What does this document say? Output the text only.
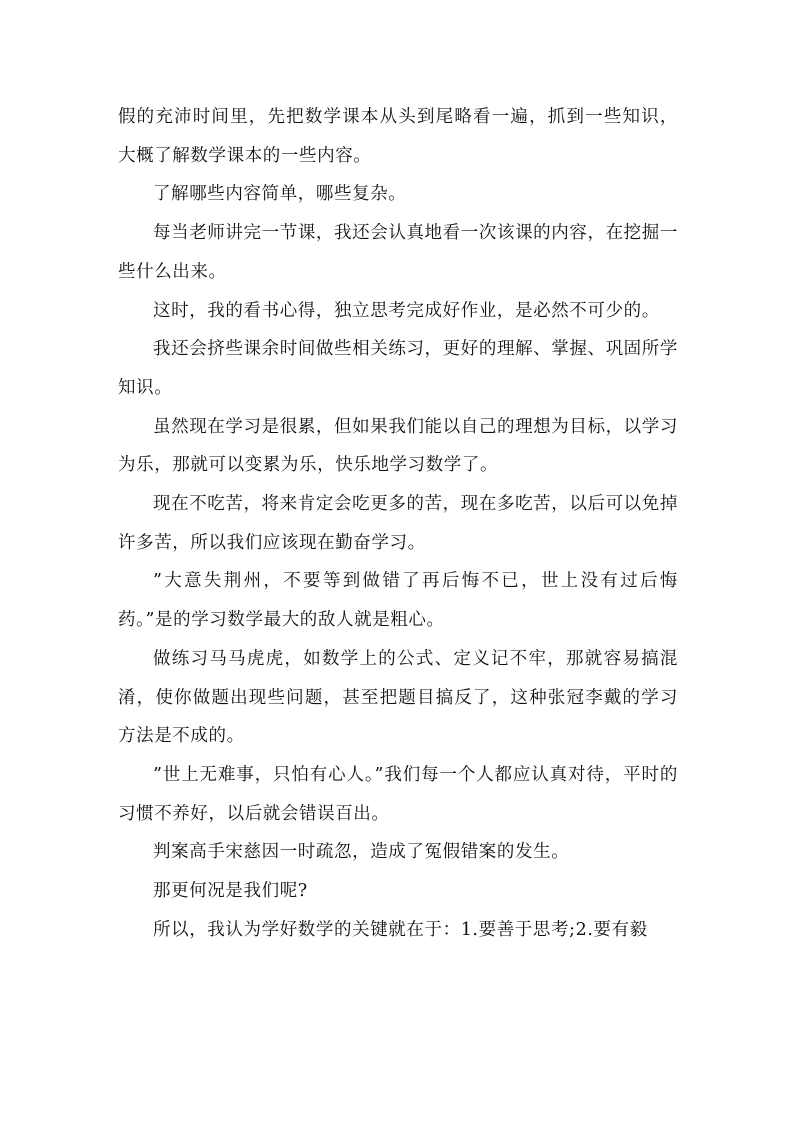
假的充沛时间里，先把数学课本从头到尾略看一遍，抓到一些知识，大概了解数学课本的一些内容。

了解哪些内容简单，哪些复杂。

每当老师讲完一节课，我还会认真地看一次该课的内容，在挖掘一些什么出来。

这时，我的看书心得，独立思考完成好作业，是必然不可少的。

我还会挤些课余时间做些相关练习，更好的理解、掌握、巩固所学知识。

虽然现在学习是很累，但如果我们能以自己的理想为目标，以学习为乐，那就可以变累为乐，快乐地学习数学了。

现在不吃苦，将来肯定会吃更多的苦，现在多吃苦，以后可以免掉许多苦，所以我们应该现在勤奋学习。

”大意失荆州，不要等到做错了再后悔不已，世上没有过后悔药。”是的学习数学最大的敌人就是粗心。

做练习马马虎虎，如数学上的公式、定义记不牢，那就容易搞混淆，使你做题出现些问题，甚至把题目搞反了，这种张冠李戴的学习方法是不成的。

”世上无难事，只怕有心人。”我们每一个人都应认真对待，平时的习惯不养好，以后就会错误百出。

判案高手宋慈因一时疏忽，造成了冤假错案的发生。

那更何况是我们呢?

所以，我认为学好数学的关键就在于：1.要善于思考;2.要有毅
